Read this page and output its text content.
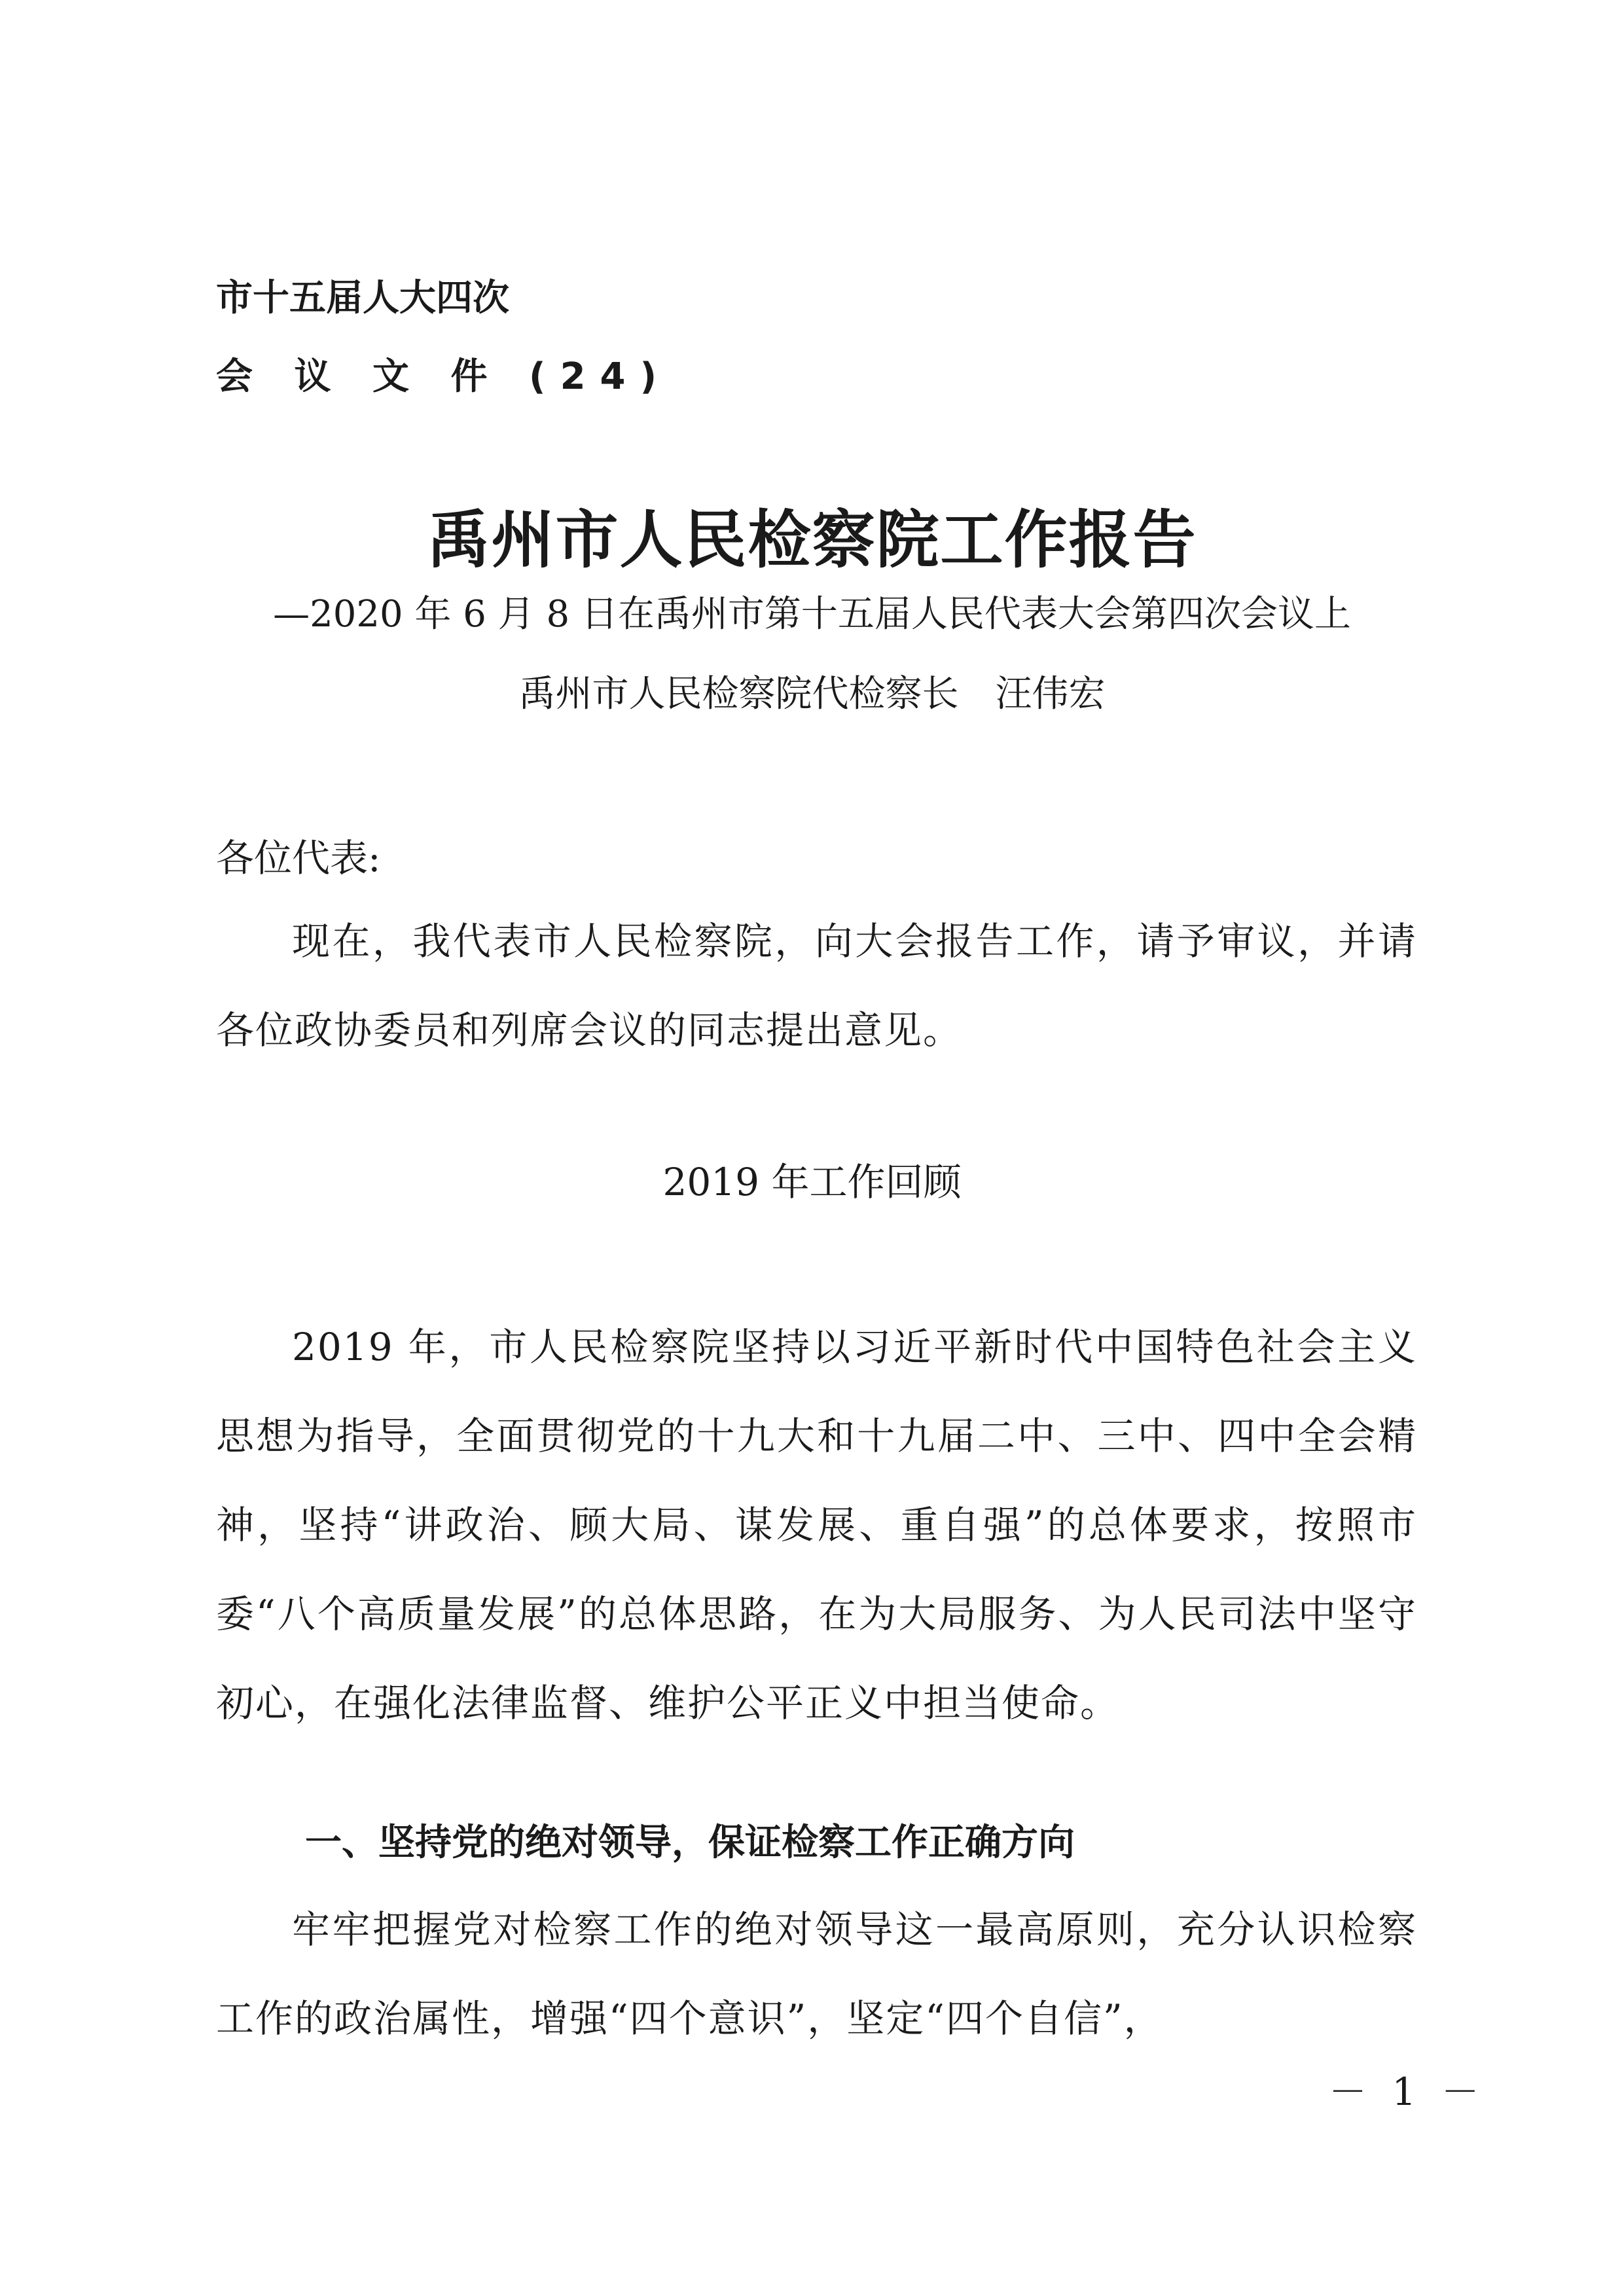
市十五届人大四次

会 议 文 件 (24)

禹州市人民检察院工作报告

—2020 年 6 月 8 日在禹州市第十五届人民代表大会第四次会议上

禹州市人民检察院代检察长　汪伟宏

各位代表:

现在，我代表市人民检察院，向大会报告工作，请予审议，并请各位政协委员和列席会议的同志提出意见。

2019 年工作回顾

2019 年，市人民检察院坚持以习近平新时代中国特色社会主义思想为指导，全面贯彻党的十九大和十九届二中、三中、四中全会精神，坚持“讲政治、顾大局、谋发展、重自强”的总体要求，按照市委“八个高质量发展”的总体思路，在为大局服务、为人民司法中坚守初心，在强化法律监督、维护公平正义中担当使命。

一、坚持党的绝对领导，保证检察工作正确方向

牢牢把握党对检察工作的绝对领导这一最高原则，充分认识检察工作的政治属性，增强“四个意识”，坚定“四个自信”，

－ 1 －
